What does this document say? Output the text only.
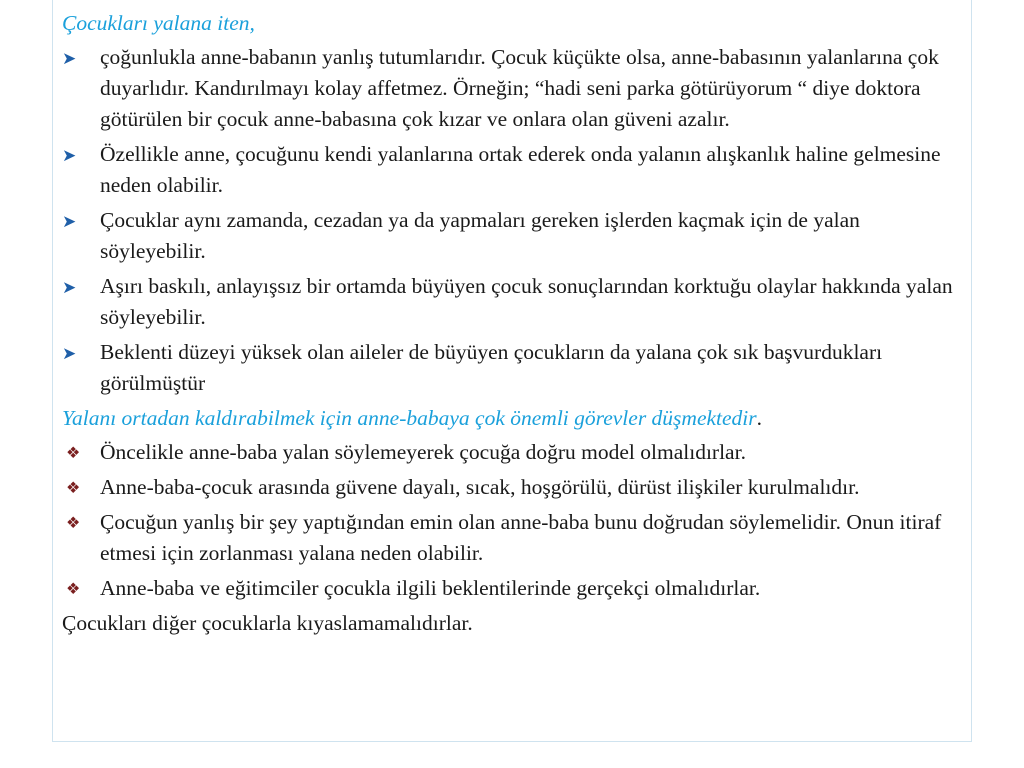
Çocukları yalana iten,
➤	çoğunlukla anne-babanın yanlış tutumlarıdır. Çocuk küçükte olsa, anne-babasının yalanlarına çok duyarlıdır. Kandırılmayı kolay affetmez. Örneğin; “hadi seni parka götürüyorum “ diye doktora götürülen bir çocuk anne-babasına çok kızar ve onlara olan güveni azalır.
➤	Özellikle anne, çocuğunu kendi yalanlarına ortak ederek onda yalanın alışkanlık haline gelmesine neden olabilir.
➤	Çocuklar aynı zamanda, cezadan ya da yapmaları gereken işlerden kaçmak için de yalan söyleyebilir.
➤	Aşırı baskılı, anlayışsız bir ortamda büyüyen çocuk sonuçlarından korktuğu olaylar hakkında yalan söyleyebilir.
➤	Beklenti düzeyi yüksek olan aileler de büyüyen çocukların da yalana çok sık başvurdukları görülmüştür
Yalanı ortadan kaldırabilmek için anne-babaya çok önemli görevler düşmektedir.
❖ Öncelikle anne-baba yalan söylemeyerek çocuğa doğru model olmalıdırlar.
❖ Anne-baba-çocuk arasında güvene dayalı, sıcak, hoşgörülü, dürüst ilişkiler kurulmalıdır.
❖ Çocuğun yanlış bir şey yaptığından emin olan anne-baba bunu doğrudan söylemelidir. Onun itiraf etmesi için zorlanması yalana neden olabilir.
❖ Anne-baba ve eğitimciler çocukla ilgili beklentilerinde gerçekçi olmalıdırlar.
Çocukları diğer çocuklarla kıyaslamamalıdırlar.
